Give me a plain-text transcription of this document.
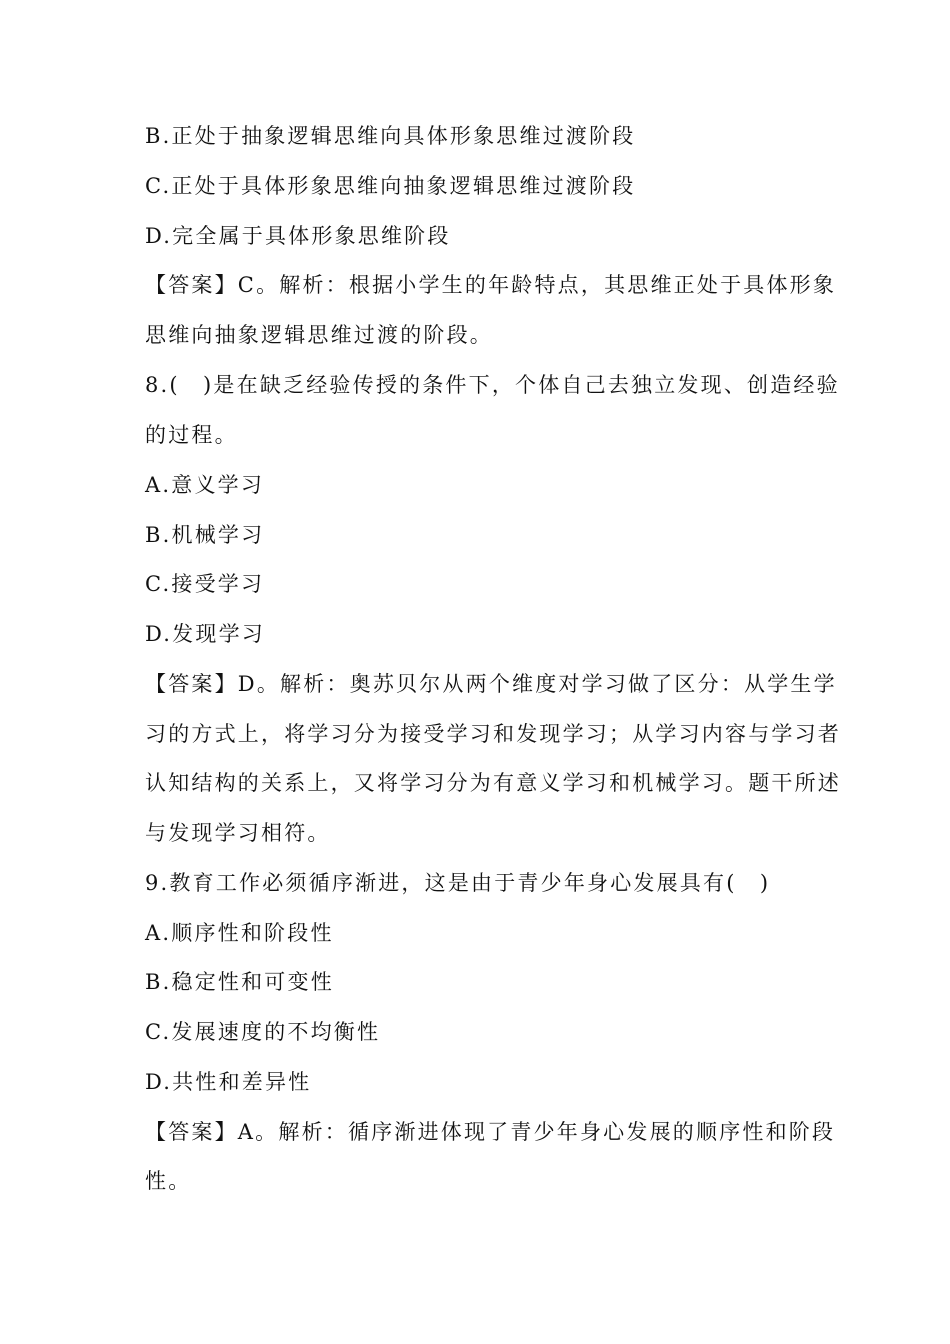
B.正处于抽象逻辑思维向具体形象思维过渡阶段
C.正处于具体形象思维向抽象逻辑思维过渡阶段
D.完全属于具体形象思维阶段
【答案】C。解析：根据小学生的年龄特点，其思维正处于具体形象
思维向抽象逻辑思维过渡的阶段。
8.(　)是在缺乏经验传授的条件下，个体自己去独立发现、创造经验
的过程。
A.意义学习
B.机械学习
C.接受学习
D.发现学习
【答案】D。解析：奥苏贝尔从两个维度对学习做了区分：从学生学
习的方式上，将学习分为接受学习和发现学习；从学习内容与学习者
认知结构的关系上，又将学习分为有意义学习和机械学习。题干所述
与发现学习相符。
9.教育工作必须循序渐进，这是由于青少年身心发展具有(　)
A.顺序性和阶段性
B.稳定性和可变性
C.发展速度的不均衡性
D.共性和差异性
【答案】A。解析：循序渐进体现了青少年身心发展的顺序性和阶段
性。
